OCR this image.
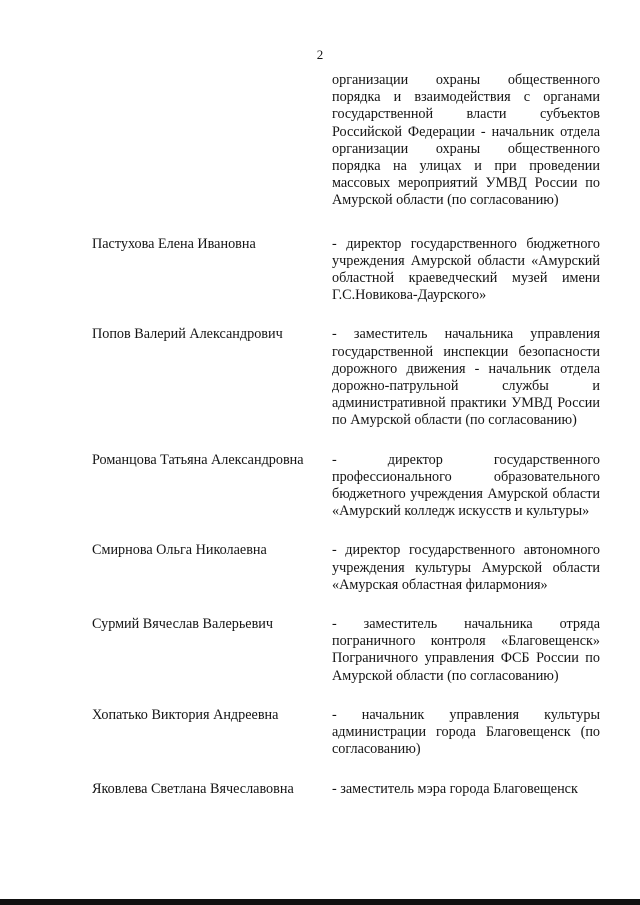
2
организации охраны общественного порядка и взаимодействия с органами государственной власти субъектов Российской Федерации - начальник отдела организации охраны общественного порядка на улицах и при проведении массовых мероприятий УМВД России по Амурской области (по согласованию)
Пастухова Елена Ивановна	- директор государственного бюджетного учреждения Амурской области «Амурский областной краеведческий музей имени Г.С.Новикова-Даурского»
Попов Валерий Александрович	- заместитель начальника управления государственной инспекции безопасности дорожного движения - начальник отдела дорожно-патрульной службы и административной практики УМВД России по Амурской области (по согласованию)
Романцова Татьяна Александровна	- директор государственного профессионального образовательного бюджетного учреждения Амурской области «Амурский колледж искусств и культуры»
Смирнова Ольга Николаевна	- директор государственного автономного учреждения культуры Амурской области «Амурская областная филармония»
Сурмий Вячеслав Валерьевич	- заместитель начальника отряда пограничного контроля «Благовещенск» Пограничного управления ФСБ России по Амурской области (по согласованию)
Хопатько Виктория Андреевна	- начальник управления культуры администрации города Благовещенск (по согласованию)
Яковлева Светлана Вячеславовна	- заместитель мэра города Благовещенск
